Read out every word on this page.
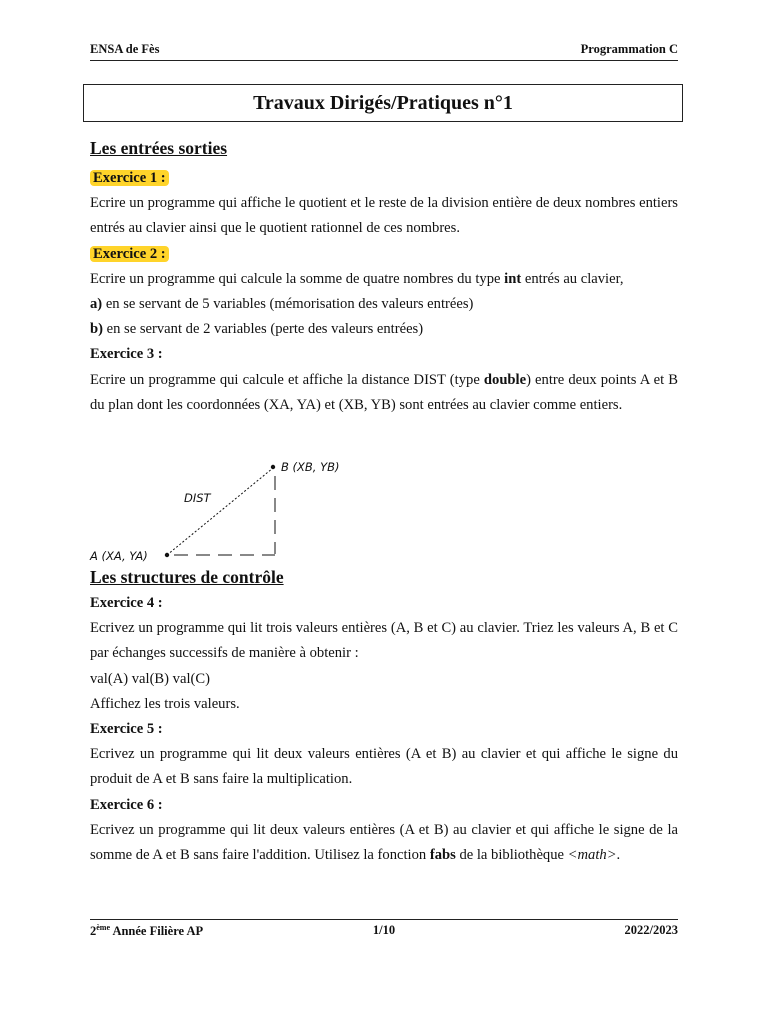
ENSA de Fès	Programmation C
Travaux Dirigés/Pratiques n°1

Les entrées sorties

Exercice 1 :

Ecrire un programme qui affiche le quotient et le reste de la division entière de deux nombres entiers entrés au clavier ainsi que le quotient rationnel de ces nombres.

Exercice 2 :

Ecrire un programme qui calcule la somme de quatre nombres du type int entrés au clavier,

a) en se servant de 5 variables (mémorisation des valeurs entrées)

b) en se servant de 2 variables (perte des valeurs entrées)

Exercice 3 :

Ecrire un programme qui calcule et affiche la distance DIST (type double) entre deux points A et B du plan dont les coordonnées (XA, YA) et (XB, YB) sont entrées au clavier comme entiers.

A (XA, YA)
B (XB, YB)
DIST

Les structures de contrôle

Exercice 4 :

Ecrivez un programme qui lit trois valeurs entières (A, B et C) au clavier. Triez les valeurs A, B et C par échanges successifs de manière à obtenir :

val(A) val(B) val(C)

Affichez les trois valeurs.

Exercice 5 :

Ecrivez un programme qui lit deux valeurs entières (A et B) au clavier et qui affiche le signe du produit de A et B sans faire la multiplication.

Exercice 6 :

Ecrivez un programme qui lit deux valeurs entières (A et B) au clavier et qui affiche le signe de la somme de A et B sans faire l'addition. Utilisez la fonction fabs de la bibliothèque <math>.

2ème Année Filière AP	1/10	2022/2023
